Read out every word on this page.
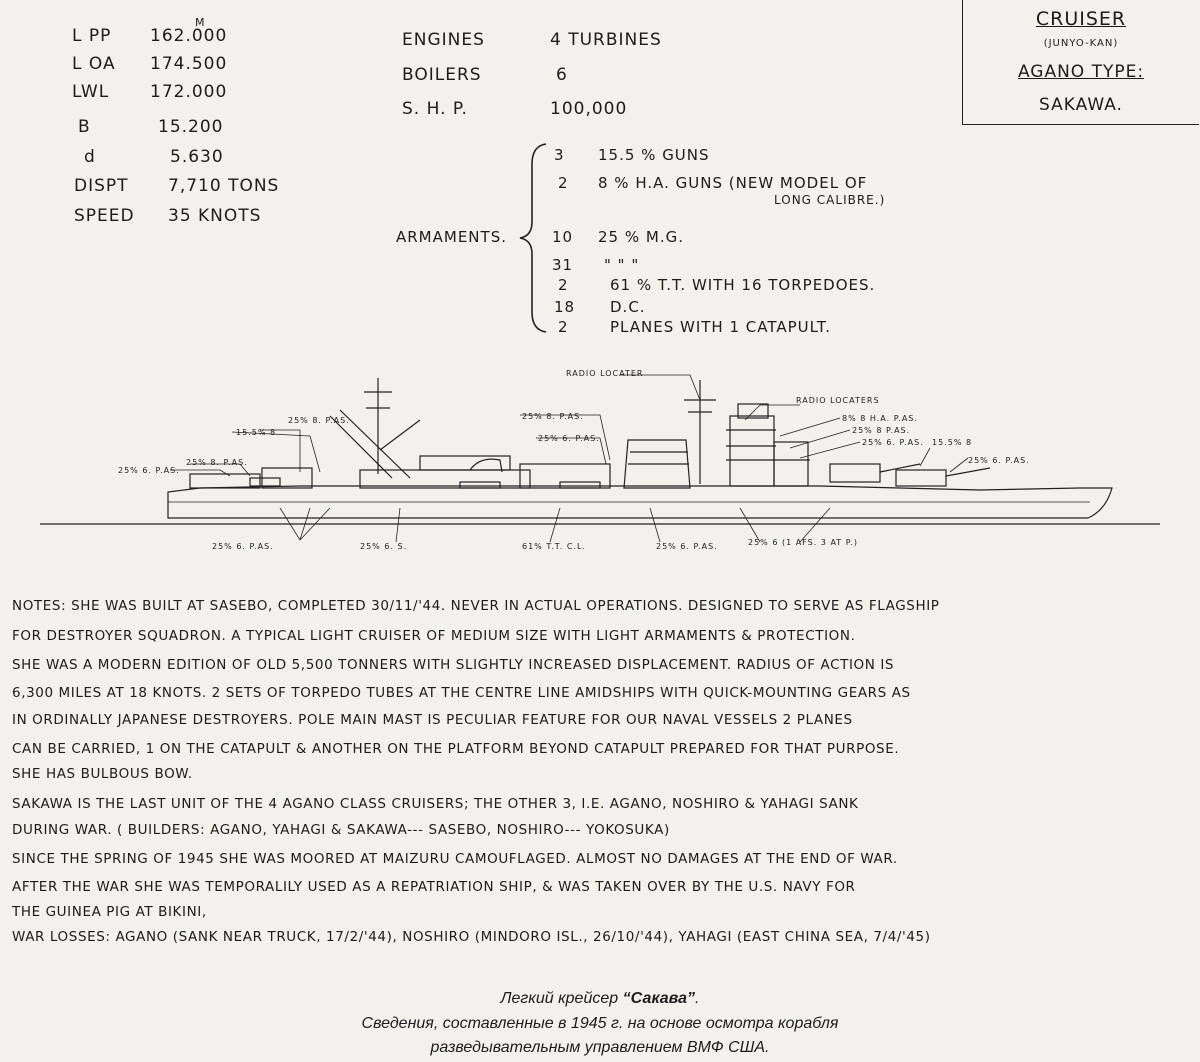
L PP 162.000
M
L OA 174.500
LWL 172.000
B	15.200
d	5.630
DISPT 7,710 TONS
SPEED 35 KNOTS
ENGINES	4 TURBINES
BOILERS	6
S. H. P.	100,000
CRUISER
(JUNYO-KAN)
AGANO TYPE:
SAKAWA.
ARMAMENTS.
3 15.5 % GUNS
2 8 % H.A. GUNS (NEW MODEL OF
LONG CALIBRE.)
10 25 % M.G.
31 " " "
2	61 % T.T. WITH 16 TORPEDOES.
18 D.C.
2	PLANES WITH 1 CATAPULT.
RADIO LOCATER
RADIO LOCATERS
25% 8. P.AS.
15.5% 8
25% 6. P.AS.
25% 8. P.AS.
25% 8. P.AS.
25% 6. P.AS.
8% 8 H.A. P.AS.
25% 8 P.AS.
25% 6. P.AS. 15.5% 8
25% 6. P.AS.
25% 6. P.AS.	25% 6. S.	61% T.T. C.L.	25% 6. P.AS.	25% 6 (1 AFS. 3 AT P.)
NOTES: SHE WAS BUILT AT SASEBO, COMPLETED 30/11/'44. NEVER IN ACTUAL OPERATIONS. DESIGNED TO SERVE AS FLAGSHIP
FOR DESTROYER SQUADRON. A TYPICAL LIGHT CRUISER OF MEDIUM SIZE WITH LIGHT ARMAMENTS & PROTECTION.
SHE WAS A MODERN EDITION OF OLD 5,500 TONNERS WITH SLIGHTLY INCREASED DISPLACEMENT. RADIUS OF ACTION IS
6,300 MILES AT 18 KNOTS. 2 SETS OF TORPEDO TUBES AT THE CENTRE LINE AMIDSHIPS WITH QUICK-MOUNTING GEARS AS
IN ORDINALLY JAPANESE DESTROYERS. POLE MAIN MAST IS PECULIAR FEATURE FOR OUR NAVAL VESSELS 2 PLANES
CAN BE CARRIED, 1 ON THE CATAPULT & ANOTHER ON THE PLATFORM BEYOND CATAPULT PREPARED FOR THAT PURPOSE.
SHE HAS BULBOUS BOW.
SAKAWA IS THE LAST UNIT OF THE 4 AGANO CLASS CRUISERS; THE OTHER 3, I.E. AGANO, NOSHIRO & YAHAGI SANK
DURING WAR. ( BUILDERS: AGANO, YAHAGI & SAKAWA--- SASEBO, NOSHIRO--- YOKOSUKA)
SINCE THE SPRING OF 1945 SHE WAS MOORED AT MAIZURU CAMOUFLAGED. ALMOST NO DAMAGES AT THE END OF WAR.
AFTER THE WAR SHE WAS TEMPORALILY USED AS A REPATRIATION SHIP, & WAS TAKEN OVER BY THE U.S. NAVY FOR
THE GUINEA PIG AT BIKINI,
WAR LOSSES: AGANO (SANK NEAR TRUCK, 17/2/'44), NOSHIRO (MINDORO ISL., 26/10/'44), YAHAGI (EAST CHINA SEA, 7/4/'45)
Легкий крейсер “Сакава”.
Сведения, составленные в 1945 г. на основе осмотра корабля
разведывательным управлением ВМФ США.
